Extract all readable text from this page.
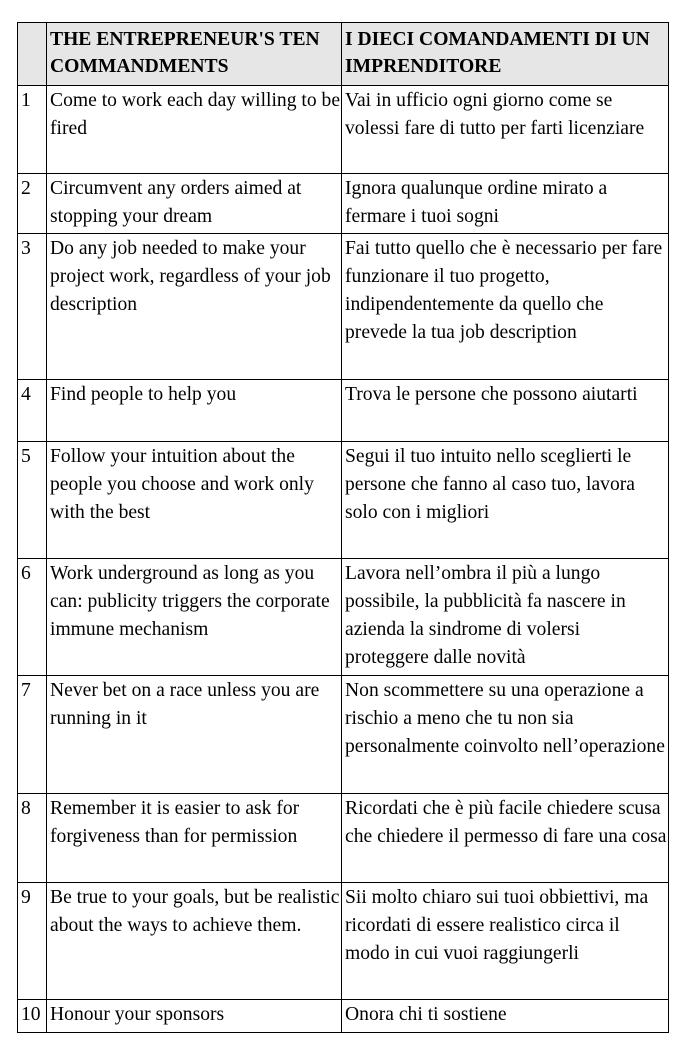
	THE ENTREPRENEUR'S TEN COMMANDMENTS	I DIECI COMANDAMENTI DI UN IMPRENDITORE
1	Come to work each day willing to be fired	Vai in ufficio ogni giorno come se volessi fare di tutto per farti licenziare
2	Circumvent any orders aimed at stopping your dream	Ignora qualunque ordine mirato a fermare i tuoi sogni
3	Do any job needed to make your project work, regardless of your job description	Fai tutto quello che è necessario per fare funzionare il tuo progetto, indipendentemente da quello che prevede la tua job description
4	Find people to help you	Trova le persone che possono aiutarti
5	Follow your intuition about the people you choose and work only with the best	Segui il tuo intuito nello sceglierti le persone che fanno al caso tuo, lavora solo con i migliori
6	Work underground as long as you can: publicity triggers the corporate immune mechanism	Lavora nell’ombra il più a lungo possibile, la pubblicità fa nascere in azienda la sindrome di volersi proteggere dalle novità
7	Never bet on a race unless you are running in it	Non scommettere su una operazione a rischio a meno che tu non sia personalmente coinvolto nell’operazione
8	Remember it is easier to ask for forgiveness than for permission	Ricordati che è più facile chiedere scusa che chiedere il permesso di fare una cosa
9	Be true to your goals, but be realistic about the ways to achieve them.	Sii molto chiaro sui tuoi obbiettivi, ma ricordati di essere realistico circa il modo in cui vuoi raggiungerli
10	Honour your sponsors	Onora chi ti sostiene
